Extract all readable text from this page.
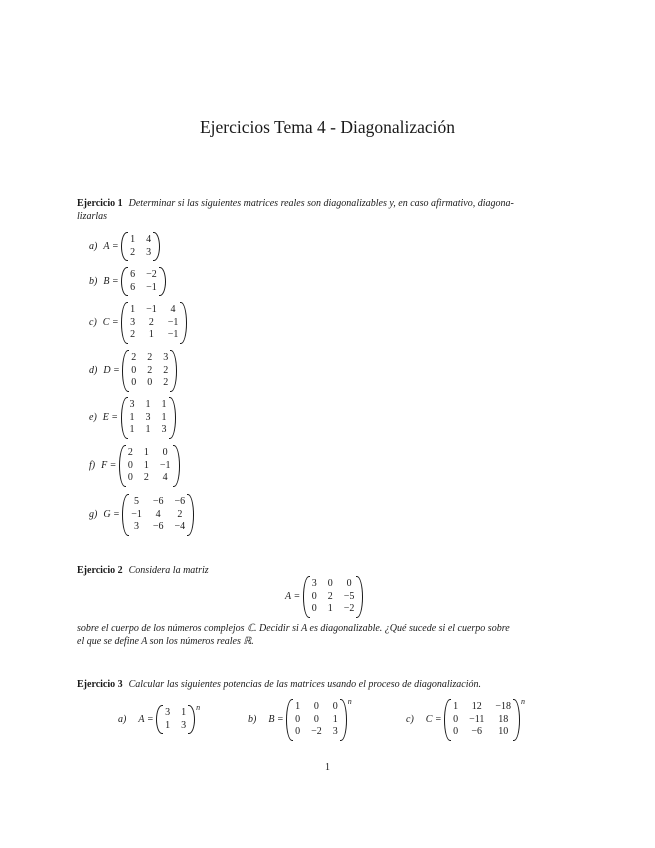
Ejercicios Tema 4 - Diagonalización
Ejercicio 1 Determinar si las siguientes matrices reales son diagonalizables y, en caso afirmativo, diagona-
lizarlas
a) A =
1 4
2 3
b) B =
6 −2
6 −1
c) C =
1 −1 4
3 2 −1
2 1 −1
d) D =
2 2 3
0 2 2
0 0 2
e) E =
3 1 1
1 3 1
1 1 3
f) F =
2 1 0
0 1 −1
0 2 4
g) G =
5 −6 −6
−1 4 2
3 −6 −4
Ejercicio 2 Considera la matriz
A =
3 0 0
0 2 −5
0 1 −2
sobre el cuerpo de los números complejos ℂ. Decidir si A es diagonalizable. ¿Qué sucede si el cuerpo sobre
el que se define A son los números reales ℝ.
Ejercicio 3 Calcular las siguientes potencias de las matrices usando el proceso de diagonalización.
a) A =
3 1
1 3
n
b) B =
1 0 0
0 0 1
0 −2 3
n
c) C =
1 12 −18
0 −11 18
0 −6 10
n
1
